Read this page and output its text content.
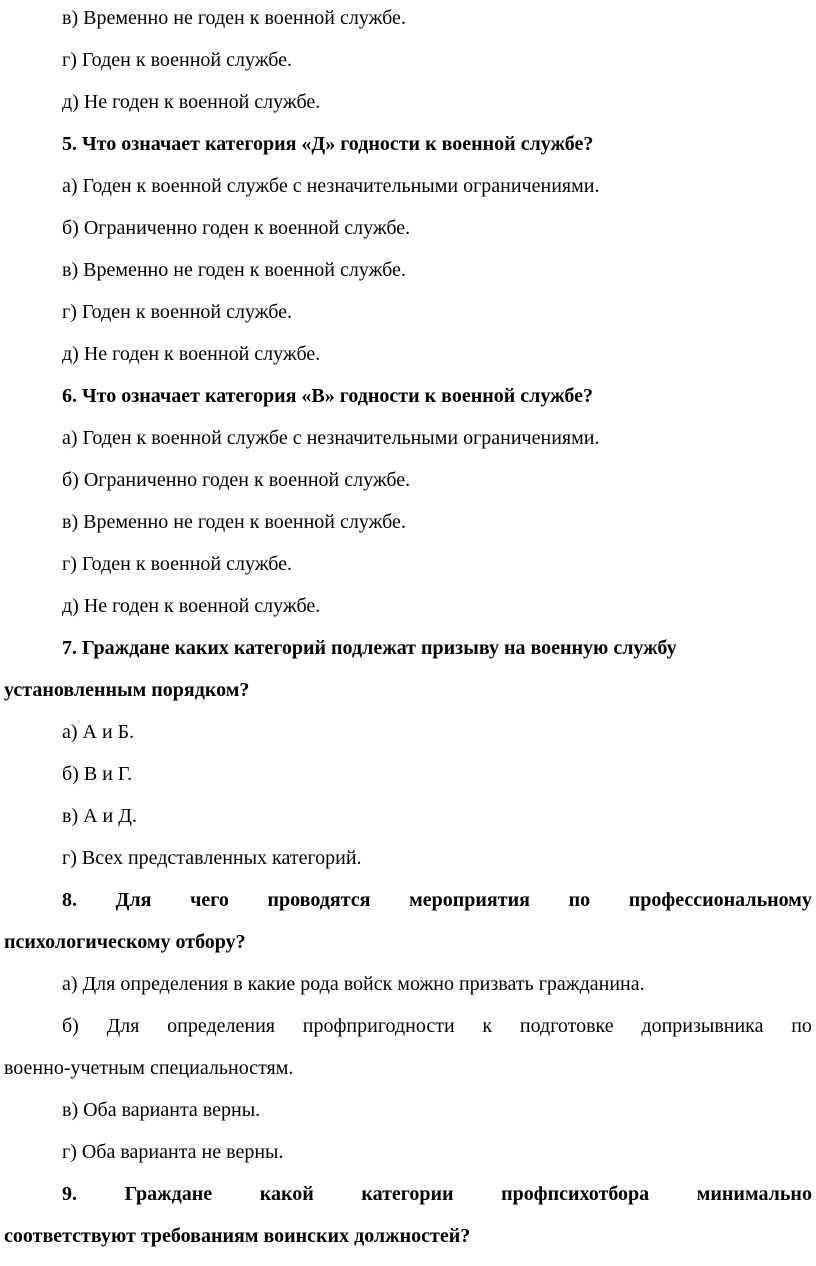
в) Временно не годен к военной службе.
г) Годен к военной службе.
д) Не годен к военной службе.
5. Что означает категория «Д» годности к военной службе?
а) Годен к военной службе с незначительными ограничениями.
б) Ограниченно годен к военной службе.
в) Временно не годен к военной службе.
г) Годен к военной службе.
д) Не годен к военной службе.
6. Что означает категория «В» годности к военной службе?
а) Годен к военной службе с незначительными ограничениями.
б) Ограниченно годен к военной службе.
в) Временно не годен к военной службе.
г) Годен к военной службе.
д) Не годен к военной службе.
7. Граждане каких категорий подлежат призыву на военную службу
установленным порядком?
а) А и Б.
б) В и Г.
в) А и Д.
г) Всех представленных категорий.
8. Для чего проводятся мероприятия по профессиональному
психологическому отбору?
а) Для определения в какие рода войск можно призвать гражданина.
б) Для определения профпригодности к подготовке допризывника по
военно-учетным специальностям.
в) Оба варианта верны.
г) Оба варианта не верны.
9. Граждане какой категории профпсихотбора минимально
соответствуют требованиям воинских должностей?
